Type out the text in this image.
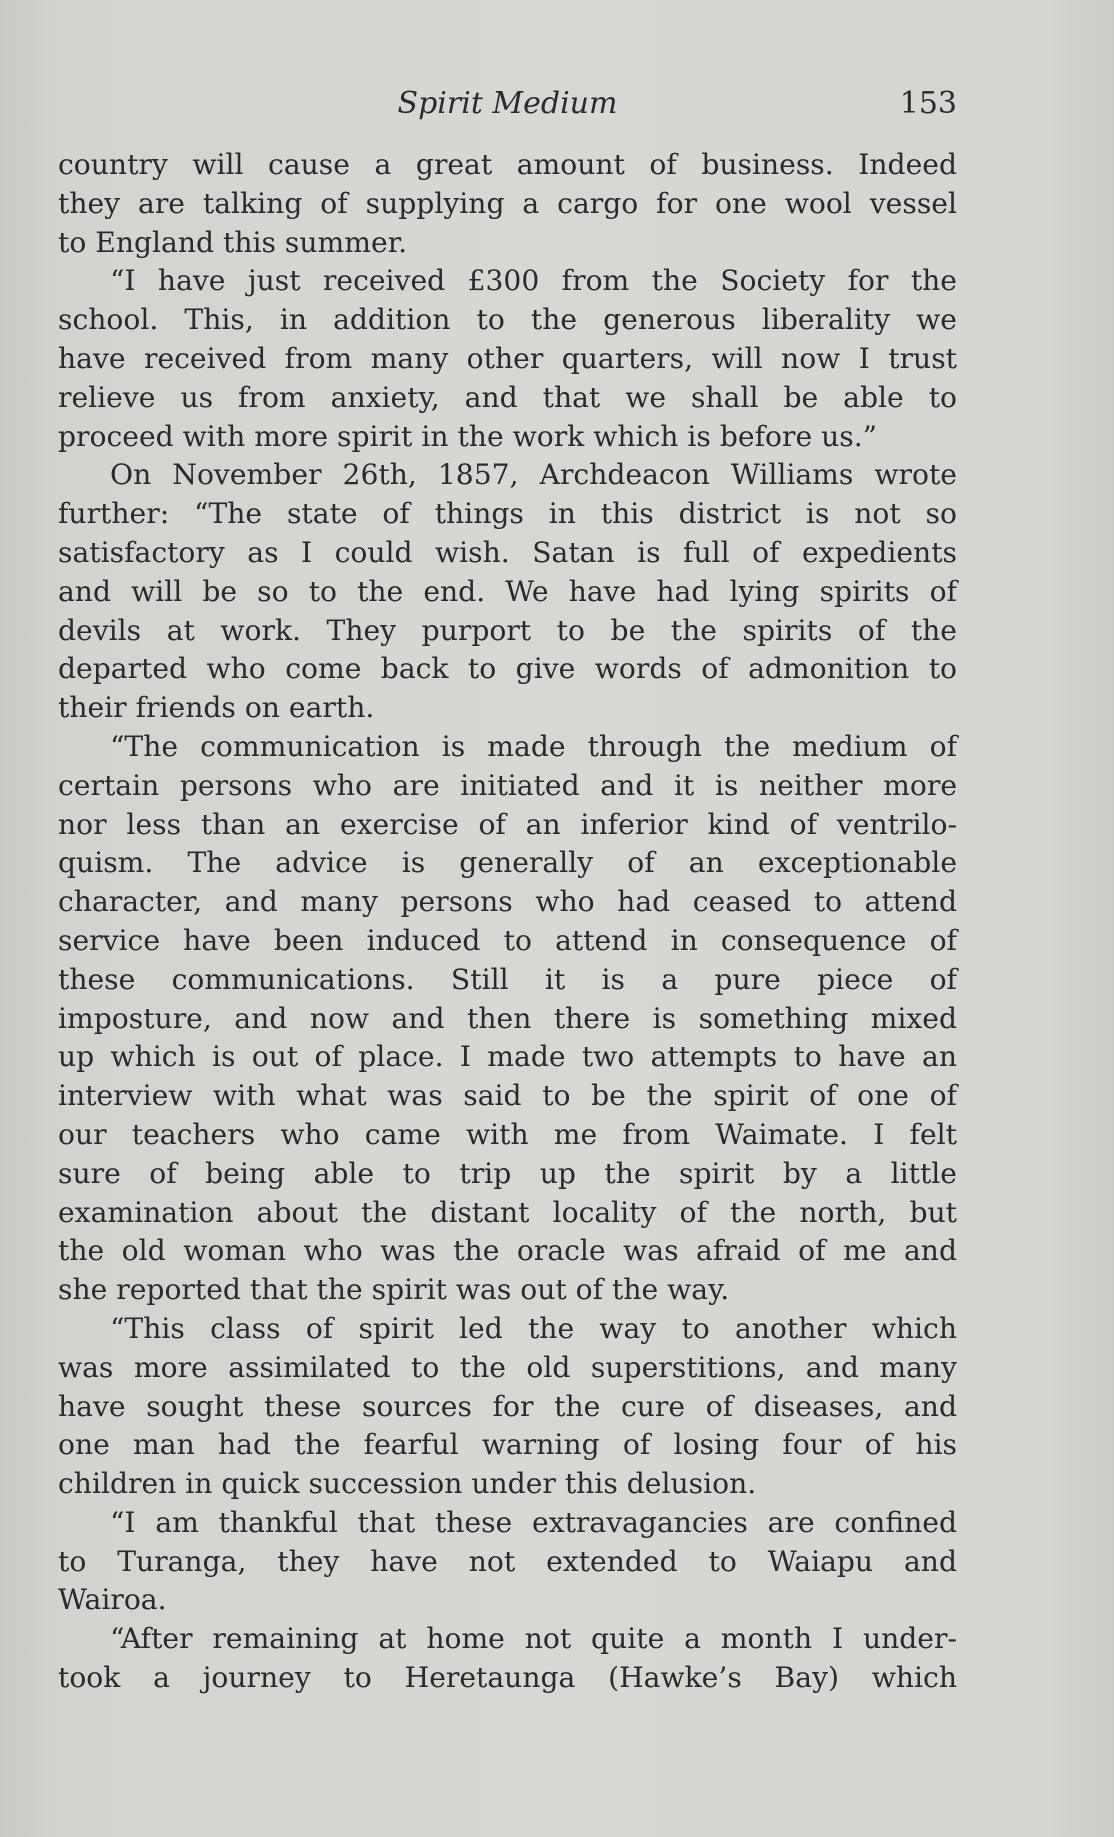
Spirit Medium	153
country will cause a great amount of business. Indeed
they are talking of supplying a cargo for one wool vessel
to England this summer.
“I have just received £300 from the Society for the
school. This, in addition to the generous liberality we
have received from many other quarters, will now I trust
relieve us from anxiety, and that we shall be able to
proceed with more spirit in the work which is before us.”
On November 26th, 1857, Archdeacon Williams wrote
further: “The state of things in this district is not so
satisfactory as I could wish. Satan is full of expedients
and will be so to the end. We have had lying spirits of
devils at work. They purport to be the spirits of the
departed who come back to give words of admonition to
their friends on earth.
“The communication is made through the medium of
certain persons who are initiated and it is neither more
nor less than an exercise of an inferior kind of ventrilo-
quism. The advice is generally of an exceptionable
character, and many persons who had ceased to attend
service have been induced to attend in consequence of
these communications. Still it is a pure piece of
imposture, and now and then there is something mixed
up which is out of place. I made two attempts to have an
interview with what was said to be the spirit of one of
our teachers who came with me from Waimate. I felt
sure of being able to trip up the spirit by a little
examination about the distant locality of the north, but
the old woman who was the oracle was afraid of me and
she reported that the spirit was out of the way.
“This class of spirit led the way to another which
was more assimilated to the old superstitions, and many
have sought these sources for the cure of diseases, and
one man had the fearful warning of losing four of his
children in quick succession under this delusion.
“I am thankful that these extravagancies are confined
to Turanga, they have not extended to Waiapu and
Wairoa.
“After remaining at home not quite a month I under-
took a journey to Heretaunga (Hawke’s Bay) which
